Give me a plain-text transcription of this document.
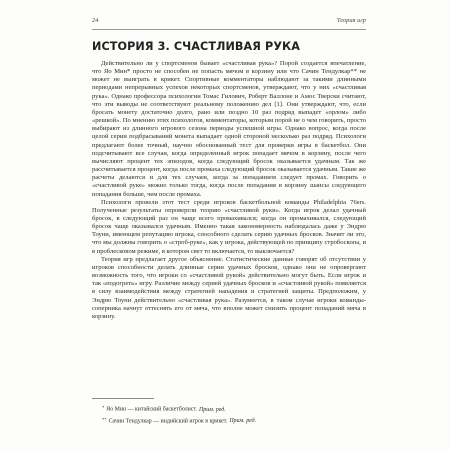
24	Теория игр
ИСТОРИЯ 3. СЧАСТЛИВАЯ РУКА

Действительно ли у спортсменов бывает «счастливая рука»? Порой создается впечатление, что Яо Мин* просто не способен не попасть мячом в корзину или что Сачин Тендулкар** не может не выиграть в крикет. Спортивные комментаторы наблюдают за такими длинными периодами непрерывных успехов некоторых спортсменов, утверждают, что у них «счастливая рука». Однако профессора психологии Томас Гилович, Роберт Валлоне и Амос Тверски считают, что эти выводы не соответствуют реальному положению дел [1]. Они утверждают, что, если бросать монету достаточно долго, рано или поздно 10 раз подряд выпадет «орлом» либо «решкой». По мнению этих психологов, комментаторы, которым порой не о чем говорить, просто выбирают из длинного игрового сезона периоды успешной игры. Однако вопрос, когда после целой серии подбрасываний монета выпадает одной стороной несколько раз подряд. Психологи предлагают более точный, научно обоснованный тест для проверки игры в баскетбол. Они подсчитывают все случаи, когда определенный игрок попадает мячом в корзину, после чего вычисляют процент тех эпизодов, когда следующий бросок оказывается удачным. Так же рассчитывается процент, когда после промаха следующий бросок оказывается удачным. Такие же расчеты делаются и для тех случаев, когда за попаданием следует промах. Говорить о «счастливой руке» можно только тогда, когда после попадания в корзину шансы следующего попадания больше, чем после промаха.

Психологи провели этот тест среди игроков баскетбольной команды Philadelphia 76ers. Полученные результаты опровергли теорию «счастливой руки». Когда игрок делал удачный бросок, в следующий раз он чаще всего промахивался; когда он промахивался, следующий бросок чаще оказывался удачным. Именно такая закономерность наблюдалась даже у Эндрю Тоуни, имеющем репутацию игрока, способного сделать серию удачных бросков. Значит ли это, что мы должны говорить о «строб-руке», как у игрока, действующей по принципу стробоскопа, и в проблесковом режиме, в котором свет то включается, то выключается?

Теория игр предлагает другое объяснение. Статистические данные говорят об отсутствии у игроков способности делать длинные серии удачных бросков, однако они не опровергают возможность того, что игроки со «счастливой рукой» действительно могут быть. Если игрок и так «подогреть» игру. Различие между серией удачных бросков и «счастливой рукой» появляется в силу взаимодействия между стратегией нападения и стратегией защиты. Предположим, у Эндрю Тоуни действительно «счастливая рука». Разумеется, в таком случае игроки команды-соперника начнут оттеснять его от мяча, что вполне может снизить процент попаданий мяча в корзину.

* Яо Мин — китайский баскетболист. Прим. ред.
** Сачин Тендулкар — индийский игрок в крикет. Прим. ред.
